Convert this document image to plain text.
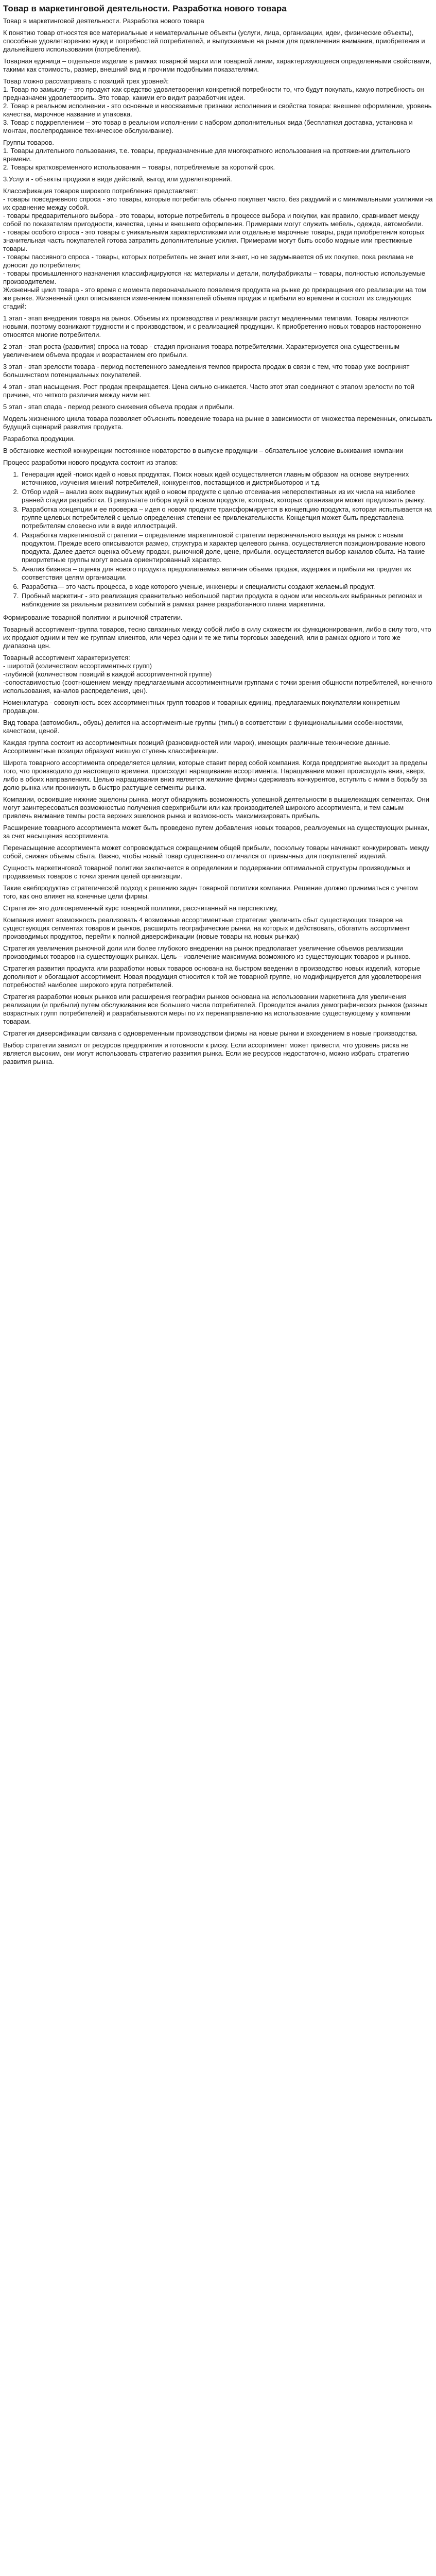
Товар в маркетинговой деятельности. Разработка нового товара

Товар в маркетинговой деятельности. Разработка нового товара

К понятию товар относятся все материальные и нематериальные объекты (услуги, лица, организации, идеи, физические объекты), способные удовлетворению нужд и потребностей потребителей, и выпускаемые на рынок для привлечения внимания, приобретения и дальнейшего использования (потребления).

Товарная единица – отдельное изделие в рамках товарной марки или товарной линии, характеризующееся определенными свойствами, такими как стоимость, размер, внешний вид и прочими подобными показателями.

Товар можно рассматривать с позиций трех уровней:
1. Товар по замыслу – это продукт как средство удовлетворения конкретной потребности то, что будут покупать, какую потребность он предназначен удовлетворить. Это товар, какими его видит разработчик идеи.
2. Товар в реальном исполнении - это основные и неосязаемые признаки исполнения и свойства товара: внешнее оформление, уровень качества, марочное название и упаковка.
3. Товар с подкреплением – это товар в реальном исполнении с набором дополнительных вида (бесплатная доставка, установка и монтаж, послепродажное техническое обслуживание).

Группы товаров.
1. Товары длительного пользования, т.е. товары, предназначенные для многократного использования на протяжении длительного времени.
2. Товары кратковременного использования – товары, потребляемые за короткий срок.

3.Услуги - объекты продажи в виде действий, выгод или удовлетворений.

Классификация товаров широкого потребления представляет:
- товары повседневного спроса - это товары, которые потребитель обычно покупает часто, без раздумий и с минимальными усилиями на их сравнение между собой.
- товары предварительного выбора - это товары, которые потребитель в процессе выбора и покупки, как правило, сравнивает между собой по показателям пригодности, качества, цены и внешнего оформления. Примерами могут служить мебель, одежда, автомобили.
- товары особого спроса - это товары с уникальными характеристиками или отдельные марочные товары, ради приобретения которых значительная часть покупателей готова затратить дополнительные усилия. Примерами могут быть особо модные или престижные товары.
- товары пассивного спроса - товары, которых потребитель не знает или знает, но не задумывается об их покупке, пока реклама не доносит до потребителя;
- товары промышленного назначения классифицируются на: материалы и детали, полуфабрикаты – товары, полностью используемые производителем.
Жизненный цикл товара - это время с момента первоначального появления продукта на рынке до прекращения его реализации на том же рынке. Жизненный цикл описывается изменением показателей объема продаж и прибыли во времени и состоит из следующих стадий:

1 этап - этап внедрения товара на рынок. Объемы их производства и реализации растут медленными темпами. Товары являются новыми, поэтому возникают трудности и с производством, и с реализацией продукции. К приобретению новых товаров настороженно относятся многие потребители.

2 этап - этап роста (развития) спроса на товар - стадия признания товара потребителями. Характеризуется она существенным увеличением объема продаж и возрастанием его прибыли.

3 этап - этап зрелости товара - период постепенного замедления темпов прироста продаж в связи с тем, что товар уже воспринят большинством потенциальных покупателей.

4 этап - этап насыщения. Рост продаж прекращается. Цена сильно снижается. Часто этот этап соединяют с этапом зрелости по той причине, что четкого различия между ними нет.

5 этап - этап спада - период резкого снижения объема продаж и прибыли.

Модель жизненного цикла товара позволяет объяснить поведение товара на рынке в зависимости от множества переменных, описывать будущий сценарий развития продукта.

Разработка продукции.

В обстановке жесткой конкуренции постоянное новаторство в выпуске продукции – обязательное условие выживания компании

Процесс разработки нового продукта состоит из этапов:

1. Генерация идей -поиск идей о новых продуктах. Поиск новых идей осуществляется главным образом на основе внутренних источников, изучения мнений потребителей, конкурентов, поставщиков и дистрибьюторов и т.д.
2. Отбор идей – анализ всех выдвинутых идей о новом продукте с целью отсеивания неперспективных из их числа на наиболее ранней стадии разработки. В результате отбора идей о новом продукте, которых, которых организация может предложить рынку.
3. Разработка концепции и ее проверка – идея о новом продукте трансформируется в концепцию продукта, которая испытывается на группе целевых потребителей с целью определения степени ее привлекательности. Концепция может быть представлена потребителям словесно или в виде иллюстраций.
4. Разработка маркетинговой стратегии – определение маркетинговой стратегии первоначального выхода на рынок с новым продуктом. Прежде всего описываются размер, структура и характер целевого рынка, осуществляется позиционирование нового продукта. Далее дается оценка объему продаж, рыночной доле, цене, прибыли, осуществляется выбор каналов сбыта. На такие приоритетные группы могут весьма ориентированный характер.
5. Анализ бизнеса – оценка для нового продукта предполагаемых величин объема продаж, издержек и прибыли на предмет их соответствия целям организации.
6. Разработка— это часть процесса, в ходе которого ученые, инженеры и специалисты создают желаемый продукт.
7. Пробный маркетинг - это реализация сравнительно небольшой партии продукта в одном или нескольких выбранных регионах и наблюдение за реальным развитием событий в рамках ранее разработанного плана маркетинга.

Формирование товарной политики и рыночной стратегии.

Товарный ассортимент-группа товаров, тесно связанных между собой либо в силу схожести их функционирования, либо в силу того, что их продают одним и тем же группам клиентов, или через одни и те же типы торговых заведений, или в рамках одного и того же диапазона цен.

Товарный ассортимент характеризуется:
- широтой (количеством ассортиментных групп)
-глубиной (количеством позиций в каждой ассортиментной группе)
-сопоставимостью (соотношением между предлагаемыми ассортиментными группами с точки зрения общности потребителей, конечного использования, каналов распределения, цен).

Номенклатура - совокупность всех ассортиментных групп товаров и товарных единиц, предлагаемых покупателям конкретным продавцом.

Вид товара (автомобиль, обувь) делится на ассортиментные группы (типы) в соответствии с функциональными особенностями, качеством, ценой.

Каждая группа состоит из ассортиментных позиций (разновидностей или марок), имеющих различные технические данные. Ассортиментные позиции образуют низшую ступень классификации.

Широта товарного ассортимента определяется целями, которые ставит перед собой компания. Когда предприятие выходит за пределы того, что производило до настоящего времени, происходит наращивание ассортимента. Наращивание может происходить вниз, вверх, либо в обоих направлениях. Целью наращивания вниз является желание фирмы сдерживать конкурентов, вступить с ними в борьбу за долю рынка или проникнуть в быстро растущие сегменты рынка.

Компании, освоившие нижние эшелоны рынка, могут обнаружить возможность успешной деятельности в вышележащих сегментах. Они могут заинтересоваться возможностью получения сверхприбыли или как производителей широкого ассортимента, и тем самым привлечь внимание темпы роста верхних эшелонов рынка и возможность максимизировать прибыль.

Расширение товарного ассортимента может быть проведено путем добавления новых товаров, реализуемых на существующих рынках, за счет насыщения ассортимента.

Перенасыщение ассортимента может сопровождаться сокращением общей прибыли, поскольку товары начинают конкурировать между собой, снижая объемы сбыта. Важно, чтобы новый товар существенно отличался от привычных для покупателей изделий.

Сущность маркетинговой товарной политики заключается в определении и поддержании оптимальной структуры производимых и продаваемых товаров с точки зрения целей организации.

Такие «вебпродукта» стратегической подход к решению задач товарной политики компании. Решение должно приниматься с учетом того, как оно влияет на конечные цели фирмы.

Стратегия- это долговременный курс товарной политики, рассчитанный на перспективу,

Компания имеет возможность реализовать 4 возможные ассортиментные стратегии: увеличить сбыт существующих товаров на существующих сегментах товаров и рынков, расширить географические рынки, на которых и действовать, обогатить ассортимент производимых продуктов, перейти к полной диверсификации (новые товары на новых рынках)

Стратегия увеличения рыночной доли или более глубокого внедрения на рынок предполагает увеличение объемов реализации производимых товаров на существующих рынках. Цель – извлечение максимума возможного из существующих товаров и рынков.

Стратегия развития продукта или разработки новых товаров основана на быстром введении в производство новых изделий, которые дополняют и обогащают ассортимент. Новая продукция относится к той же товарной группе, но модифицируется для удовлетворения потребностей наиболее широкого круга потребителей.

Стратегия разработки новых рынков или расширения географии рынков основана на использовании маркетинга для увеличения реализации (и прибыли) путем обслуживания все большего числа потребителей. Проводится анализ демографических рынков (разных возрастных групп потребителей) и разрабатываются меры по их перенаправлению на использование существующему у компании товарам.

Стратегия диверсификации связана с одновременным производством фирмы на новые рынки и вхождением в новые производства.

Выбор стратегии зависит от ресурсов предприятия и готовности к риску. Если ассортимент может привести, что уровень риска не является высоким, они могут использовать стратегию развития рынка. Если же ресурсов недостаточно, можно избрать стратегию развития рынка.
